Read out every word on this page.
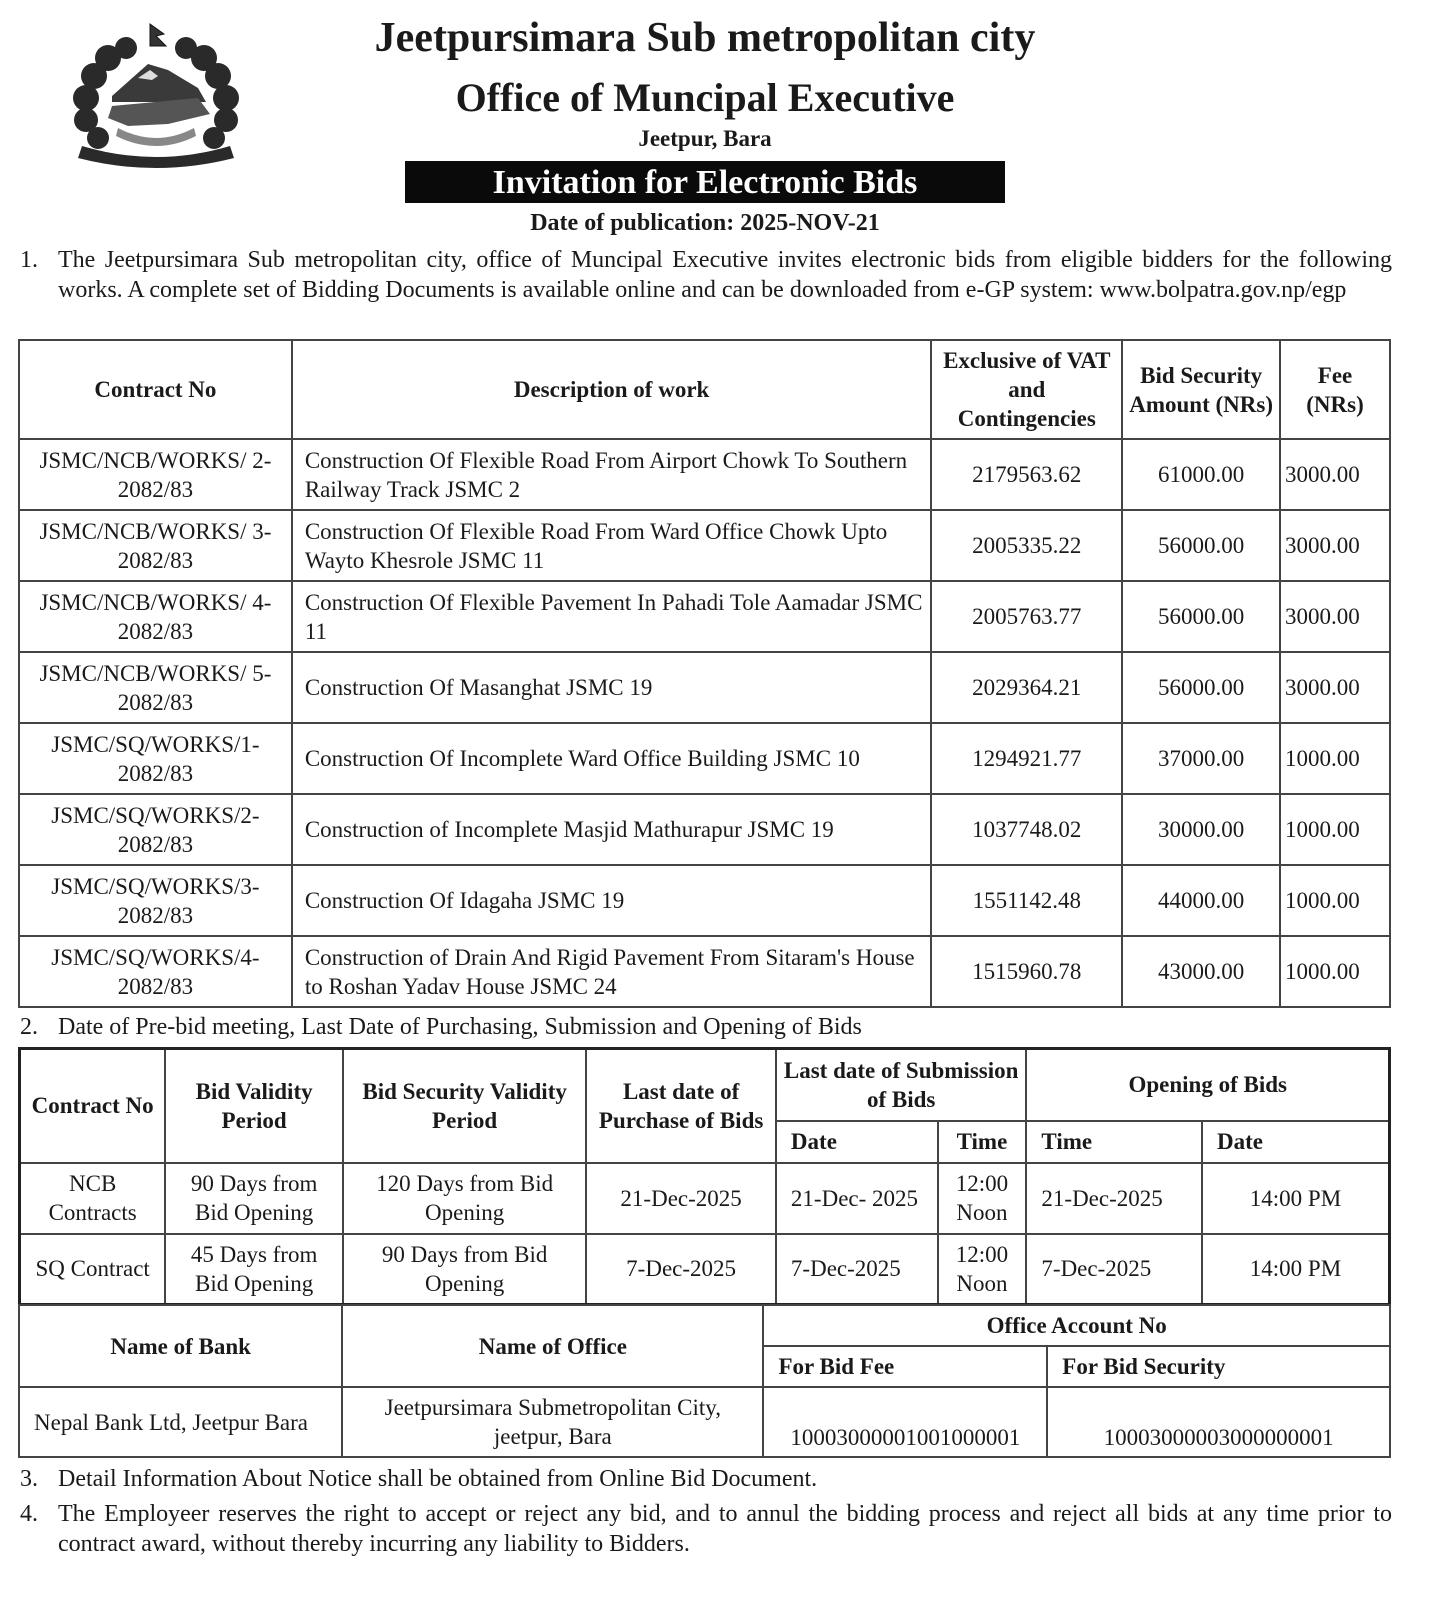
Jeetpursimara Sub metropolitan city
Office of Muncipal Executive
Jeetpur, Bara
Invitation for Electronic Bids
Date of publication: 2025-NOV-21
1. The Jeetpursimara Sub metropolitan city, office of Muncipal Executive invites electronic bids from eligible bidders for the following works. A complete set of Bidding Documents is available online and can be downloaded from e-GP system: www.bolpatra.gov.np/egp
Contract No	Description of work	Exclusive of VAT and Contingencies	Bid Security Amount (NRs)	Fee (NRs)
JSMC/NCB/WORKS/ 2-2082/83	Construction Of Flexible Road From Airport Chowk To Southern Railway Track JSMC 2	2179563.62	61000.00	3000.00
JSMC/NCB/WORKS/ 3-2082/83	Construction Of Flexible Road From Ward Office Chowk Upto Wayto Khesrole JSMC 11	2005335.22	56000.00	3000.00
JSMC/NCB/WORKS/ 4-2082/83	Construction Of Flexible Pavement In Pahadi Tole Aamadar JSMC 11	2005763.77	56000.00	3000.00
JSMC/NCB/WORKS/ 5-2082/83	Construction Of Masanghat JSMC 19	2029364.21	56000.00	3000.00
JSMC/SQ/WORKS/1- 2082/83	Construction Of Incomplete Ward Office Building JSMC 10	1294921.77	37000.00	1000.00
JSMC/SQ/WORKS/2- 2082/83	Construction of Incomplete Masjid Mathurapur JSMC 19	1037748.02	30000.00	1000.00
JSMC/SQ/WORKS/3- 2082/83	Construction Of Idagaha JSMC 19	1551142.48	44000.00	1000.00
JSMC/SQ/WORKS/4- 2082/83	Construction of Drain And Rigid Pavement From Sitaram's House to Roshan Yadav House JSMC 24	1515960.78	43000.00	1000.00
2. Date of Pre-bid meeting, Last Date of Purchasing, Submission and Opening of Bids
Contract No	Bid Validity Period	Bid Security Validity Period	Last date of Purchase of Bids	Last date of Submission of Bids		Opening of Bids	
				Date	Time	Time	Date
NCB Contracts	90 Days from Bid Opening	120 Days from Bid Opening	21-Dec-2025	21-Dec- 2025	12:00 Noon	21-Dec-2025	14:00 PM
SQ Contract	45 Days from Bid Opening	90 Days from Bid Opening	7-Dec-2025	7-Dec-2025	12:00 Noon	7-Dec-2025	14:00 PM
Name of Bank	Name of Office	Office Account No	
		For Bid Fee	For Bid Security
Nepal Bank Ltd, Jeetpur Bara	Jeetpursimara Submetropolitan City, jeetpur, Bara	10003000001001000001	10003000003000000001
3. Detail Information About Notice shall be obtained from Online Bid Document.
4. The Employeer reserves the right to accept or reject any bid, and to annul the bidding process and reject all bids at any time prior to contract award, without thereby incurring any liability to Bidders.
